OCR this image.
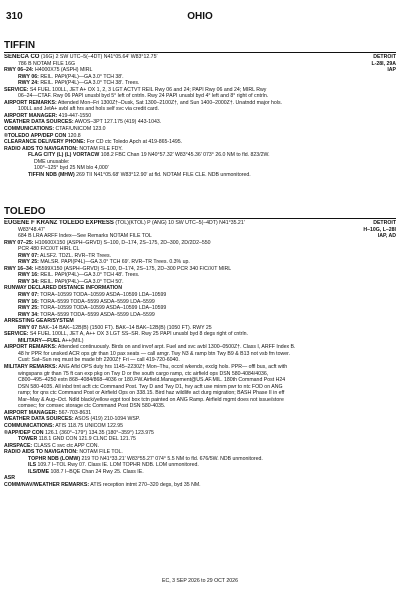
310	OHIO
TIFFIN
DETROIT
L-28I, 29A
IAP
SENECA CO (16G) 2 SW UTC–5(–4DT) N41°05.64′ W83°12.75′
786 B NOTAM FILE 16G
RWY 06–24: H4000X75 (ASPH) MIRL
RWY 06: REIL. PAPI(P4L)—GA 3.0° TCH 38′.
RWY 24: REIL. PAPI(P4L)—GA 3.0° TCH 38′. Trees.
SERVICE: S4 FUEL 100LL, JET A+ OX 1, 2, 3 LGT ACTVT REIL Rwy 06 and 24; PAPI Rwy 06 and 24; MIRL Rwy
06–24—CTAF. Rwy 06 PAPI unusbl byd 5° left of cntrln. Rwy 24 PAPI unusbl byd 4° left and 8° right of cntrln.
AIRPORT REMARKS: Attended Mon–Fri 1300Z†–Dusk, Sat 1300–2100Z†, and Sun 1400–2000Z†. Unatndd major hols.
100LL and JetA+ avbl aft hrs and hols self svc via credit card.
AIRPORT MANAGER: 419-447-1550
WEATHER DATA SOURCES: AWOS–3PT 127.175 (419) 443-1043.
COMMUNICATIONS: CTAF/UNICOM 123.0
®TOLEDO APP/DEP CON 120.8
CLEARANCE DELIVERY PHONE: For CD ctc Toledo Apch at 419-865-1495.
RADIO AIDS TO NAVIGATION: NOTAM FILE FDY.
FLAG CITY (L) (L) VORTACW 108.2 FBC Chan 19 N40°57.32′ W83°45.36′ 073° 26.0 NM to fld. 823/2W.
DME unusable:
100°–125° byd 25 NM blo 4,000′
TIFFIN NDB (MHW) 269 TII N41°05.68′ W83°12.90′ at fld. NOTAM FILE CLE. NDB unmonitored.
TOLEDO
DETROIT
H–10G, L–28I
IAP, AD
EUGENE F KRANZ TOLEDO EXPRESS (TOL)(KTOL) P (ANG) 10 SW UTC–5(–4DT) N41°35.21′
W83°48.47′
684 B LRA ARFF Index—See Remarks NOTAM FILE TOL
RWY 07–25: H10600X150 (ASPH–GRVD) S–100, D–174, 2S–175, 2D–300, 2D/2D2–550
PCR 480 F/C/X/T HIRL CL
RWY 07: ALSF2. TDZL. RVR–TR Trees.
RWY 25: MALSR. PAPI(P4L)—GA 3.0° TCH 69′. RVR–TR Trees. 0.3% up.
RWY 16–34: H5599X150 (ASPH–GRVD) S–100, D–174, 2S–175, 2D–300 PCR 340 F/C/X/T MIRL
RWY 16: REIL. PAPI(P4L)—GA 3.0° TCH 48′. Trees.
RWY 34: REIL. PAPI(P4L)—GA 3.0° TCH 50′.
RUNWAY DECLARED DISTANCE INFORMATION
RWY 07: TORA–10599 TODA–10599 ASDA–10599 LDA–10599
RWY 16: TORA–5599 TODA–5599 ASDA–5599 LDA–5599
RWY 25: TORA–10599 TODA–10599 ASDA–10599 LDA–10599
RWY 34: TORA–5599 TODA–5599 ASDA–5599 LDA–5599
ARRESTING GEAR/SYSTEM
RWY 07 BAK–14 BAK–12B(B) (1500 FT). BAK–14 BAK–12B(B) (1050 FT). RWY 25
SERVICE: S4 FUEL 100LL, JET A, A++ OX 3 LGT SS–SR. Rwy 25 PAPI unusbl byd 8 degs right of cntrln.
MILITARY—FUEL A++(MIL)
AIRPORT REMARKS: Attended continuously. Birds on and invof arpt. Fuel and svc avbl 1300–0500Z†. Class I, ARFF Index B.
48 hr PPR for unsked ACR ops gtr than 10 pax seats — call arngr. Twy N3 & ramp btn Twy B9 & B13 not vsb fm tower.
Cust: Sat–Sun req must be made bfr 2200Z† Fri — call 419-720-6040.
MILITARY REMARKS: ANG Afld OPS duty hrs 1145–2230Z† Mon–Thu, occnl wkends, exclg hols. PPR— offl bus, acft with
wingspans gtr than 75 ft can exp pkg on Twy D or the south cargo ramp, ctc airfield ops DSN 580-4084/4036,
C800–495–4250 extn 868–4084/868–4036 or 180.FW.Airfield.Management@US.AF.MIL. 180th Command Post H24
DSN 580-4035. All inbd trnt acft ctc Command Post. Twy D and Twy D1, hvy acft use minm pwr to ntc FOD on ANG
ramp; for qns ctc Command Post or Airfield Ops on 338.15. Bird haz wildlife act durg migration; BASH Phase II in eff
Mar–May & Aug–Oct. Ndld black/yellow egpt tool box tctn painted on ANG Ramp. Airfield mgmt does not issue/store
comsec; for comsec storage ctc Command Post DSN 580-4035.
AIRPORT MANAGER: 567-703-8631
WEATHER DATA SOURCES: ASOS (419) 210-1094 WSP.
COMMUNICATIONS: ATIS 118.75 UNICOM 122.95
®APP/DEP CON 126.1 (360°–179°) 134.35 (180°–359°) 123.975
TOWER 118.1 GND CON 121.9 CLNC DEL 121.75
AIRSPACE: CLASS C svc ctc APP CON.
RADIO AIDS TO NAVIGATION: NOTAM FILE TOL.
TOPHR NDB (LOMW) 219 TO N41°33.21′ W83°55.27′ 074° 5.5 NM to fld. 676/5W. NDB unmonitored.
ILS 109.7 I–TOL Rwy 07. Class IE. LOM TOPHR NDB. LOM unmonitored.
ILS/DME 108.7 I–BQE Chan 24 Rwy 25. Class IE.
ASR
COMM/NAV/WEATHER REMARKS: ATIS reception intmt 270–320 degs, byd 35 NM.
EC, 3 SEP 2026 to 29 OCT 2026
